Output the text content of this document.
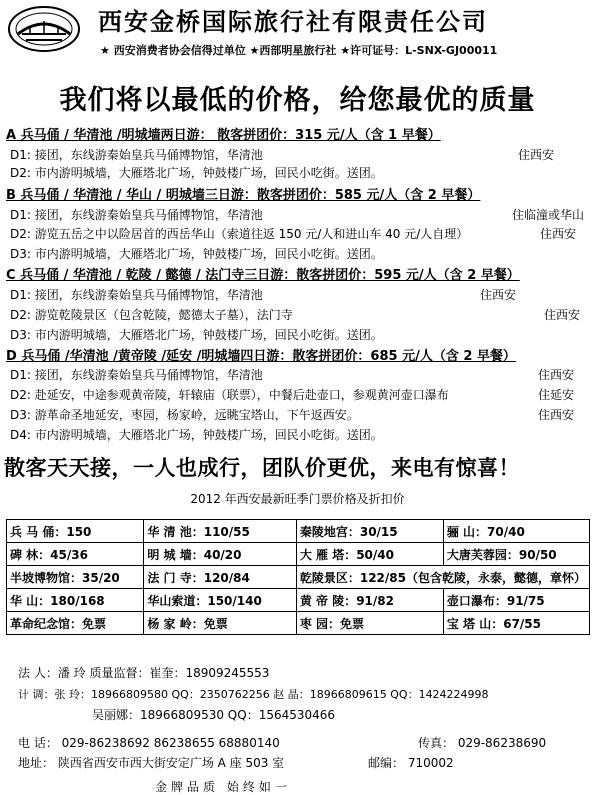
西安金桥国际旅行社有限责任公司
★ 西安消费者协会信得过单位 ★西部明星旅行社 ★许可证号：L-SNX-GJ00011
我们将以最低的价格，给您最优的质量
A 兵马俑 / 华清池 /明城墙两日游： 散客拼团价：315 元/人（含 1 早餐）
D1: 接团，东线游秦始皇兵马俑博物馆，华清池	住西安
D2: 市内游明城墙，大雁塔北广场，钟鼓楼广场，回民小吃街。送团。
B 兵马俑 / 华清池 / 华山 / 明城墙三日游：散客拼团价：585 元/人（含 2 早餐）
D1: 接团，东线游秦始皇兵马俑博物馆，华清池	住临潼或华山
D2: 游览五岳之中以险居首的西岳华山（索道往返 150 元/人和进山车 40 元/人自理）	住西安
D3: 市内游明城墙，大雁塔北广场，钟鼓楼广场，回民小吃街。送团。
C 兵马俑 / 华清池 / 乾陵 / 懿德 / 法门寺三日游：散客拼团价：595 元/人（含 2 早餐）
D1: 接团，东线游秦始皇兵马俑博物馆，华清池	住西安
D2: 游览乾陵景区（包含乾陵，懿德太子墓），法门寺	住西安
D3: 市内游明城墙，大雁塔北广场，钟鼓楼广场，回民小吃街。送团。
D 兵马俑 /华清池 /黄帝陵 /延安 /明城墙四日游：散客拼团价：685 元/人（含 2 早餐）
D1: 接团，东线游秦始皇兵马俑博物馆，华清池	住西安
D2: 赴延安，中途参观黄帝陵，轩辕庙（联票），中餐后赴壶口，参观黄河壶口瀑布	住延安
D3: 游革命圣地延安，枣园，杨家岭，远眺宝塔山，下午返西安。	住西安
D4: 市内游明城墙，大雁塔北广场，钟鼓楼广场，回民小吃街。送团。
散客天天接，一人也成行，团队价更优，来电有惊喜！
2012 年西安最新旺季门票价格及折扣价
兵 马 俑：150	华 清 池：110/55	秦陵地宫：30/15	骊 山：70/40
碑 林：45/36	明 城 墙：40/20	大 雁 塔：50/40	大唐芙蓉园：90/50
半坡博物馆：35/20	法 门 寺：120/84	乾陵景区：122/85（包含乾陵，永泰，懿德，章怀）	
华 山：180/168	华山索道：150/140	黄 帝 陵：91/82	壶口瀑布：91/75
革命纪念馆：免票	杨 家 岭：免票	枣 园：免票	宝 塔 山：67/55
法 人：潘 玲 质量监督：崔奎：18909245553
计 调：张 玲：18966809580 QQ：2350762256 赵 晶：18966809615 QQ：1424224998
吴丽娜：18966809530 QQ：1564530466
电 话： 029-86238692 86238655 68880140	传真： 029-86238690
地址： 陕西省西安市西大街安定广场 A 座 503 室	邮编： 710002
金牌品质 始终如一
